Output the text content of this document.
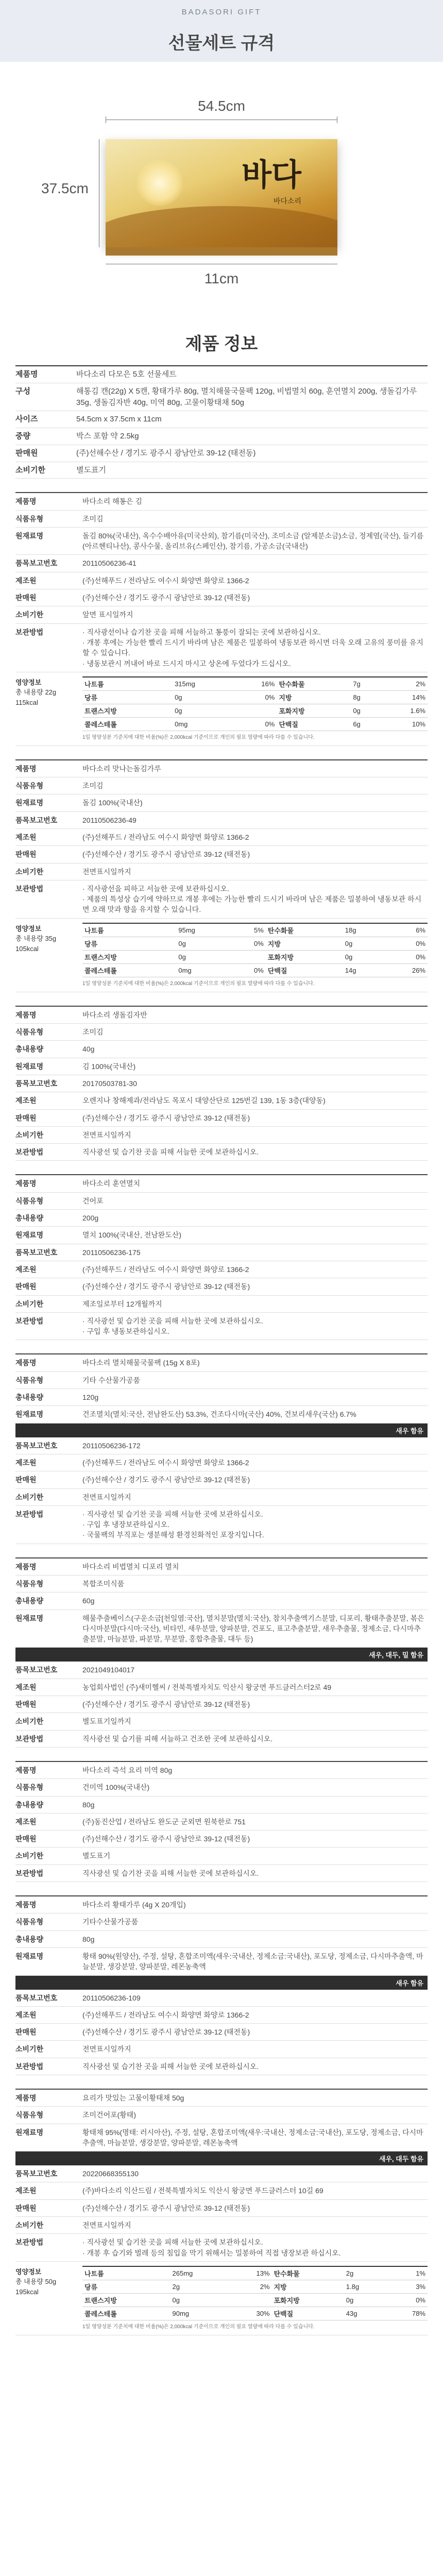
BADASORI GIFT
선물세트 규격
54.5cm
37.5cm	바다
바다소리
11cm
제품 정보
제품명	바다소리 다모은 5호 선물세트
구성	해통김 캔(22g) X 5캔, 황태가루 80g, 멸치해물국물팩 120g, 비법멸치 60g, 훈연멸치 200g, 생돌김가루 35g, 생돌김자반 40g, 미역 80g, 고물이황태채 50g
사이즈	54.5cm x 37.5cm x 11cm
중량	박스 포함 약 2.5kg
판매원	(주)선해수산 / 경기도 광주시 광남안로 39-12 (태전동)
소비기한	별도표기
제품명	바다소리 해통은 김
식품유형	조미김
원재료명	돌김 80%(국내산), 옥수수배아유(미국산외), 참기름(미국산), 조미소금 (알제분소금)소금, 정제염(국산), 들기름(아르헨티나산), 콩사수물, 올리브유(스페인산), 참기름, 가공소금(국내산)
품목보고번호	20110506236-41
제조원	(주)선해푸드 / 전라남도 여수시 화양면 화양로 1366-2
판매원	(주)선해수산 / 경기도 광주시 광남안로 39-12 (태전동)
소비기한	앞면 표시일까지
보관방법	· 직사광선이나 습기찬 곳을 피해 서늘하고 통풍이 잘되는 곳에 보관하십시오.
· 개봉 후에는 가능한 빨리 드시기 바라며 남은 제품은 밀봉하여 냉동보관 하시면 더욱 오래 고유의 풍미를 유지할 수 있습니다.
· 냉동보관시 꺼내어 바로 드시지 마시고 상온에 두었다가 드십시오.
영양정보
총 내용량 22g
115kcal
나트륨	315mg	16%	탄수화물	7g	2%
당류	0g	0%	지방	8g	14%
트랜스지방	0g		포화지방	0g	1.6%
콜레스테롤	0mg	0%	단백질	6g	10%
1일 영양성분 기준치에 대한 비율(%)은 2,000kcal 기준이므로 개인의 필요 열량에 따라 다를 수 있습니다.
제품명	바다소리 맛나는돌김가루
식품유형	조미김
원재료명	돌김 100%(국내산)
품목보고번호	20110506236-49
제조원	(주)선해푸드 / 전라남도 여수시 화양면 화양로 1366-2
판매원	(주)선해수산 / 경기도 광주시 광남안로 39-12 (태전동)
소비기한	전면표시일까지
보관방법	· 직사광선을 피하고 서늘한 곳에 보관하십시오.
· 제품의 특성상 습기에 약하므로 개봉 후에는 가능한 빨리 드시기 바라며 남은 제품은 밀봉하여 냉동보관 하시면 오래 맛과 향을 유지할 수 있습니다.
영양정보
총 내용량 35g
105kcal
나트륨	95mg	5%	탄수화물	18g	6%
당류	0g	0%	지방	0g	0%
트랜스지방	0g		포화지방	0g	0%
콜레스테롤	0mg	0%	단백질	14g	26%
1일 영양성분 기준치에 대한 비율(%)은 2,000kcal 기준이므로 개인의 필요 열량에 따라 다를 수 있습니다.
제품명	바다소리 생돌김자반
식품유형	조미김
총내용량	40g
원재료명	김 100%(국내산)
품목보고번호	20170503781-30
제조원	오렌지나 창해제과/전라남도 목포시 대양산단로 125번길 139, 1동 3층(대양동)
판매원	(주)선해수산 / 경기도 광주시 광남안로 39-12 (태전동)
소비기한	전면표시일까지
보관방법	직사광선 및 습기찬 곳을 피해 서늘한 곳에 보관하십시오.
제품명	바다소리 훈연멸치
식품유형	건어포
총내용량	200g
원재료명	멸치 100%(국내산, 전남완도산)
품목보고번호	20110506236-175
제조원	(주)선해푸드 / 전라남도 여수시 화양면 화양로 1366-2
판매원	(주)선해수산 / 경기도 광주시 광남안로 39-12 (태전동)
소비기한	제조일로부터 12개월까지
보관방법	· 직사광선 및 습기찬 곳을 피해 서늘한 곳에 보관하십시오.
· 구입 후 냉동보관하십시오.
제품명	바다소리 멸치해물국물팩 (15g X 8포)
식품유형	기타 수산물가공품
총내용량	120g
원재료명	건조멸치(멸치:국산, 전남완도산) 53.3%, 건조다시마(국산) 40%, 건보리새우(국산) 6.7%
새우 함유
품목보고번호	20110506236-172
제조원	(주)선해푸드 / 전라남도 여수시 화양면 화양로 1366-2
판매원	(주)선해수산 / 경기도 광주시 광남안로 39-12 (태전동)
소비기한	전면표시일까지
보관방법	· 직사광선 및 습기찬 곳을 피해 서늘한 곳에 보관하십시오.
· 구입 후 냉장보관하십시오.
· 국물팩의 부직포는 생분해성 환경친화적인 포장지입니다.
제품명	바다소리 비법멸치 디포리 멸치
식품유형	복합조미식품
총내용량	60g
원재료명	해물추출베이스(구운소금[천일염:국산], 멸치분말(멸치:국산), 참치추출엑기스분말, 디포리, 황태추출분말, 볶은다시마분말(다시마:국산), 비타민, 새우분말, 양파분말, 건포도, 표고추출분말, 새우추출물, 정제소금, 다시마추출분말, 마늘분말, 파분말, 무분말, 홍합추출물, 대두 등)
새우, 대두, 밀 함유
품목보고번호	2021049104017
제조원	농업회사법인 (주)새미헬씨 / 전북특별자치도 익산시 왕궁면 푸드클러스터2로 49
판매원	(주)선해수산 / 경기도 광주시 광남안로 39-12 (태전동)
소비기한	별도표기일까지
보관방법	직사광선 및 습기를 피해 서늘하고 건조한 곳에 보관하십시오.
제품명	바다소리 즉석 요리 미역 80g
식품유형	건미역 100%(국내산)
총내용량	80g
제조원	(주)동진산업 / 전라남도 완도군 군외면 원북한로 751
판매원	(주)선해수산 / 경기도 광주시 광남안로 39-12 (태전동)
소비기한	별도표기
보관방법	직사광선 및 습기찬 곳을 피해 서늘한 곳에 보관하십시오.
제품명	바다소리 황태가루 (4g X 20개입)
식품유형	기타수산물가공품
총내용량	80g
원재료명	황태 90%(원양산), 주정, 설탕, 혼합조미액(새우:국내산, 정제소금:국내산), 포도당, 정제소금, 다시마추출액, 마늘분말, 생강분말, 양파분말, 레몬농축액
새우 함유
품목보고번호	20110506236-109
제조원	(주)선해푸드 / 전라남도 여수시 화양면 화양로 1366-2
판매원	(주)선해수산 / 경기도 광주시 광남안로 39-12 (태전동)
소비기한	전면표시일까지
보관방법	직사광선 및 습기찬 곳을 피해 서늘한 곳에 보관하십시오.
제품명	요리가 맛있는 고물이황태채 50g
식품유형	조미건어포(황태)
원재료명	황태채 95%(명태: 러시아산), 주정, 설탕, 혼합조미액(새우:국내산, 정제소금:국내산), 포도당, 정제소금, 다시마추출액, 마늘분말, 생강분말, 양파분말, 레몬농축액
새우, 대두 함유
품목보고번호	20220668355130
제조원	(주)바다소리 익산드림 / 전북특별자치도 익산시 왕궁면 푸드클러스터 10길 69
판매원	(주)선해수산 / 경기도 광주시 광남안로 39-12 (태전동)
소비기한	전면표시일까지
보관방법	· 직사광선 및 습기찬 곳을 피해 서늘한 곳에 보관하십시오.
· 개봉 후 습기와 벌레 등의 침입을 막기 위해서는 밀봉하여 직접 냉장보관 하십시오.
영양정보
총 내용량 50g
195kcal
나트륨	265mg	13%	탄수화물	2g	1%
당류	2g	2%	지방	1.8g	3%
트랜스지방	0g		포화지방	0g	0%
콜레스테롤	90mg	30%	단백질	43g	78%
1일 영양성분 기준치에 대한 비율(%)은 2,000kcal 기준이므로 개인의 필요 열량에 따라 다를 수 있습니다.
